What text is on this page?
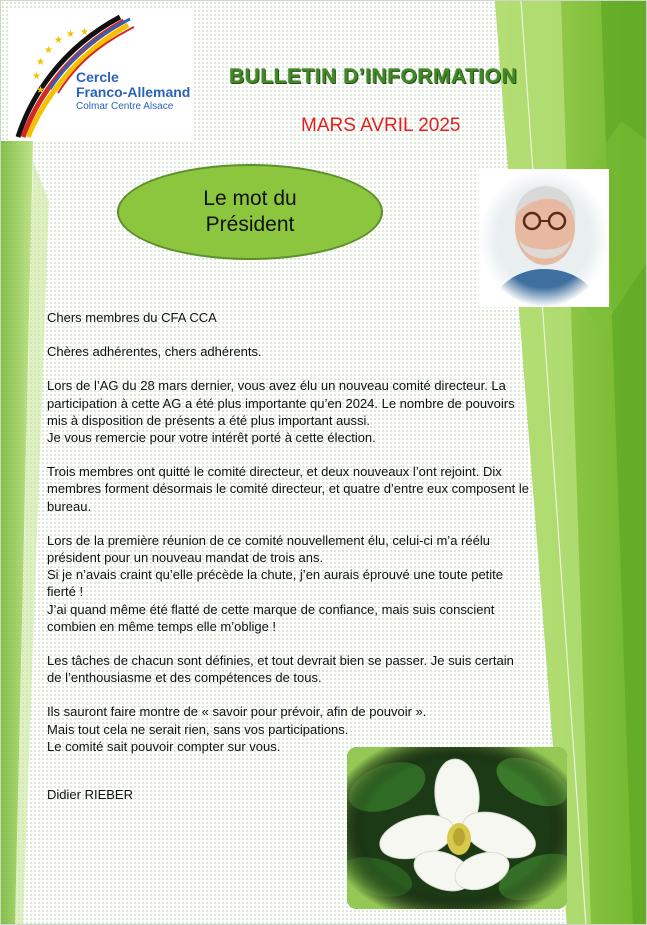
★
★
★ ★
★
★
★
Cercle
Franco-Allemand
Colmar Centre Alsace
BULLETIN D’INFORMATION
MARS AVRIL 2025
Le mot du Président

Chers membres du CFA CCA

Chères adhérentes, chers adhérents.

Lors de l’AG du 28 mars dernier, vous avez élu un nouveau comité directeur. La
participation à cette AG a été plus importante qu’en 2024. Le nombre de pouvoirs
mis à disposition de présents a été plus important aussi.
Je vous remercie pour votre intérêt porté à cette élection.

Trois membres ont quitté le comité directeur, et deux nouveaux l’ont rejoint. Dix
membres forment désormais le comité directeur, et quatre d’entre eux composent le
bureau.

Lors de la première réunion de ce comité nouvellement élu, celui-ci m’a réélu
président pour un nouveau mandat de trois ans.
Si je n’avais craint qu’elle précède la chute, j’en aurais éprouvé une toute petite
fierté !
J’ai quand même été flatté de cette marque de confiance, mais suis conscient
combien en même temps elle m’oblige !

Les tâches de chacun sont définies, et tout devrait bien se passer. Je suis certain
de l’enthousiasme et des compétences de tous.

Ils sauront faire montre de « savoir pour prévoir, afin de pouvoir ».
Mais tout cela ne serait rien, sans vos participations.
Le comité sait pouvoir compter sur vous.

Didier RIEBER
